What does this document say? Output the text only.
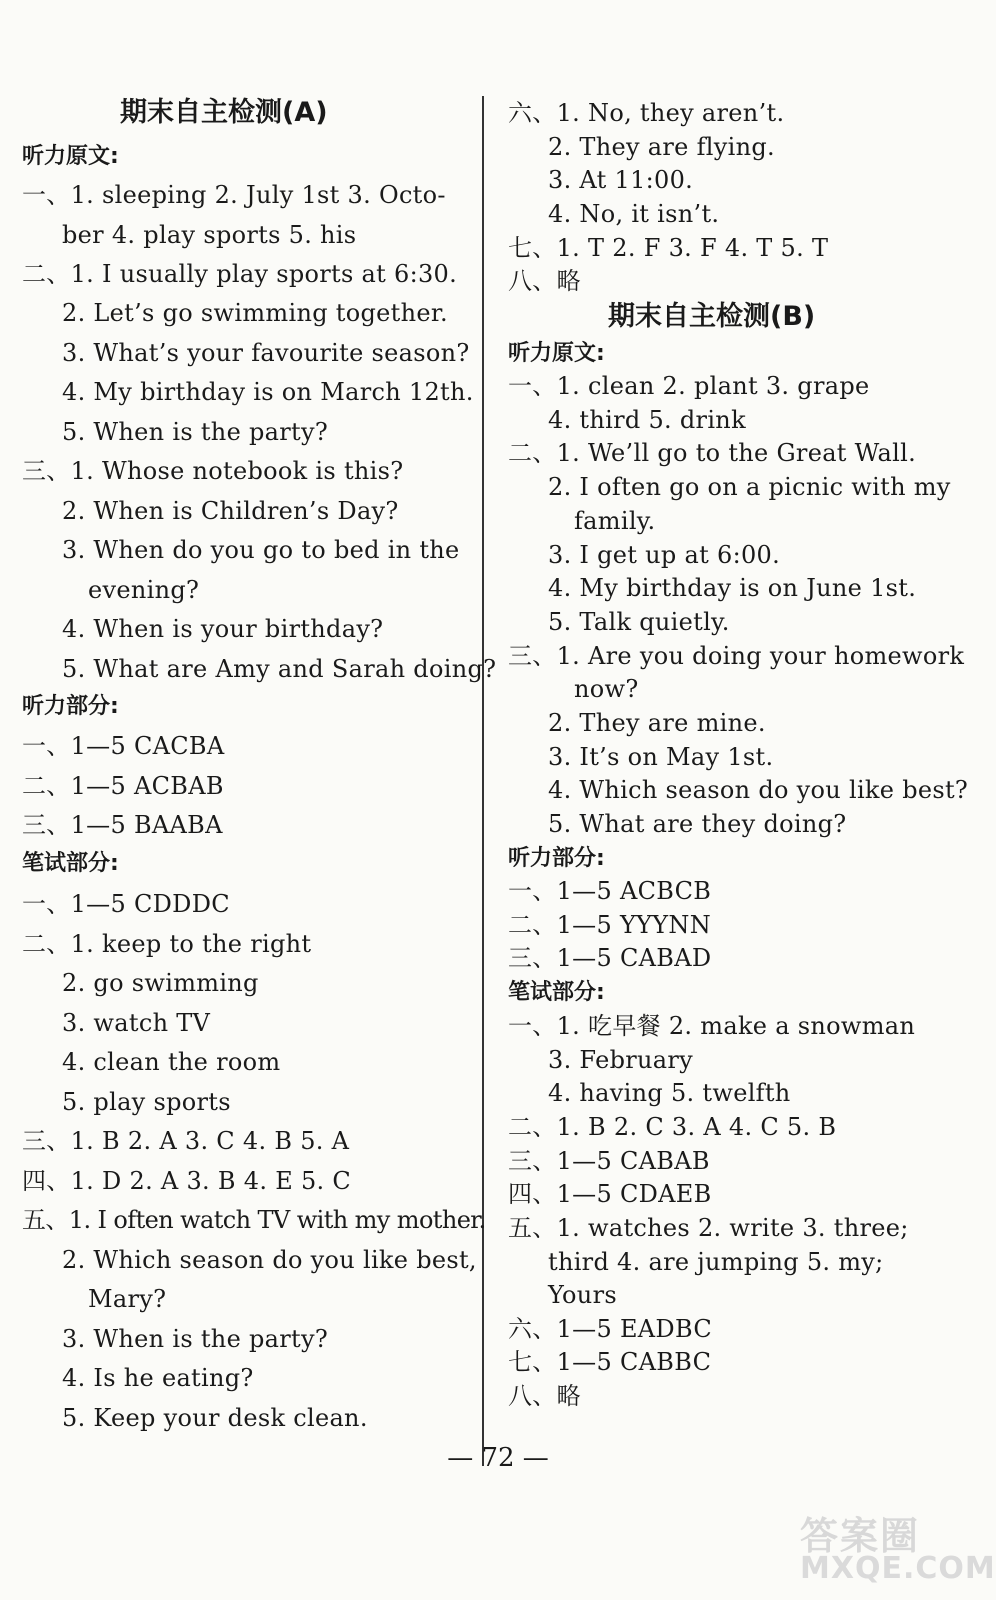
期末自主检测(A)
听力原文:
一、1. sleeping 2. July 1st 3. Octo-
ber 4. play sports 5. his
二、1. I usually play sports at 6:30.
2. Let’s go swimming together.
3. What’s your favourite season?
4. My birthday is on March 12th.
5. When is the party?
三、1. Whose notebook is this?
2. When is Children’s Day?
3. When do you go to bed in the
evening?
4. When is your birthday?
5. What are Amy and Sarah doing?
听力部分:
一、1—5 CACBA
二、1—5 ACBAB
三、1—5 BAABA
笔试部分:
一、1—5 CDDDC
二、1. keep to the right
2. go swimming
3. watch TV
4. clean the room
5. play sports
三、1. B 2. A 3. C 4. B 5. A
四、1. D 2. A 3. B 4. E 5. C
五、1. I often watch TV with my mother.
2. Which season do you like best,
Mary?
3. When is the party?
4. Is he eating?
5. Keep your desk clean.
六、1. No, they aren’t.
2. They are flying.
3. At 11:00.
4. No, it isn’t.
七、1. T 2. F 3. F 4. T 5. T
八、略
期末自主检测(B)
听力原文:
一、1. clean 2. plant 3. grape
4. third 5. drink
二、1. We’ll go to the Great Wall.
2. I often go on a picnic with my
family.
3. I get up at 6:00.
4. My birthday is on June 1st.
5. Talk quietly.
三、1. Are you doing your homework
now?
2. They are mine.
3. It’s on May 1st.
4. Which season do you like best?
5. What are they doing?
听力部分:
一、1—5 ACBCB
二、1—5 YYYNN
三、1—5 CABAD
笔试部分:
一、1. 吃早餐 2. make a snowman
3. February
4. having 5. twelfth
二、1. B 2. C 3. A 4. C 5. B
三、1—5 CABAB
四、1—5 CDAEB
五、1. watches 2. write 3. three;
third 4. are jumping 5. my;
Yours
六、1—5 EADBC
七、1—5 CABBC
八、略
— 72 —
答案圈
MXQE.COM
